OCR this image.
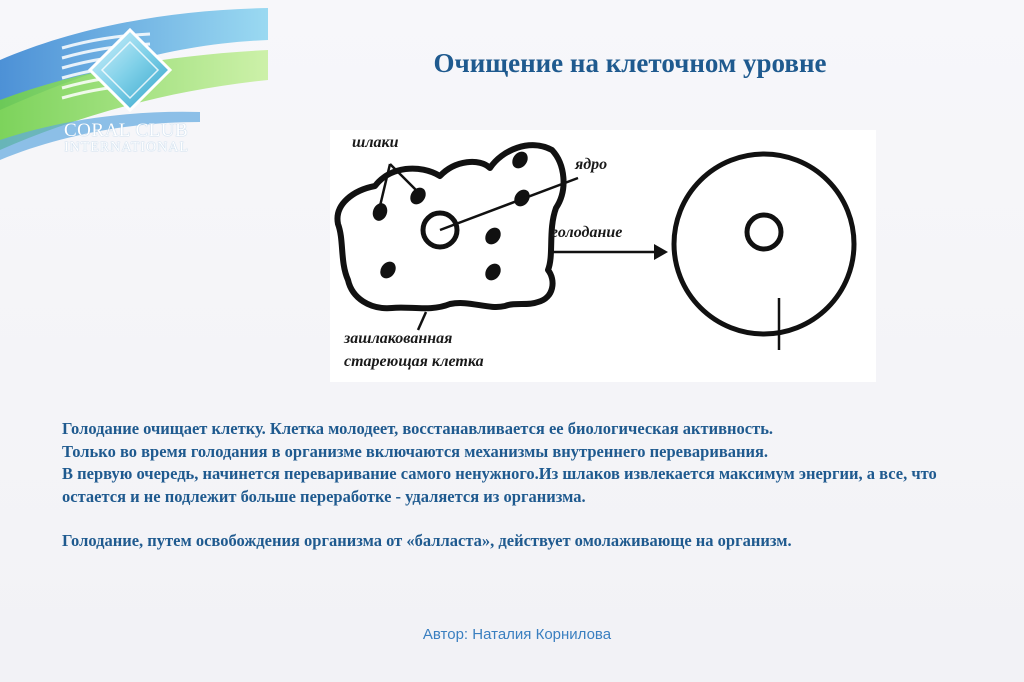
CORAL CLUB
INTERNATIONAL
Очищение на клеточном уровне
шлаки
ядро
голодание
зашлакованная
стареющая клетка

Голодание очищает клетку. Клетка молодеет, восстанавливается ее биологическая активность.

Только во время голодания в организме включаются механизмы внутреннего переваривания.

В первую очередь, начинется переваривание самого ненужного.Из шлаков извлекается максимум энергии, а все, что остается и не подлежит больше переработке - удаляется из организма.

Голодание, путем освобождения организма от «балласта», действует омолаживающе на организм.

Автор: Наталия Корнилова
